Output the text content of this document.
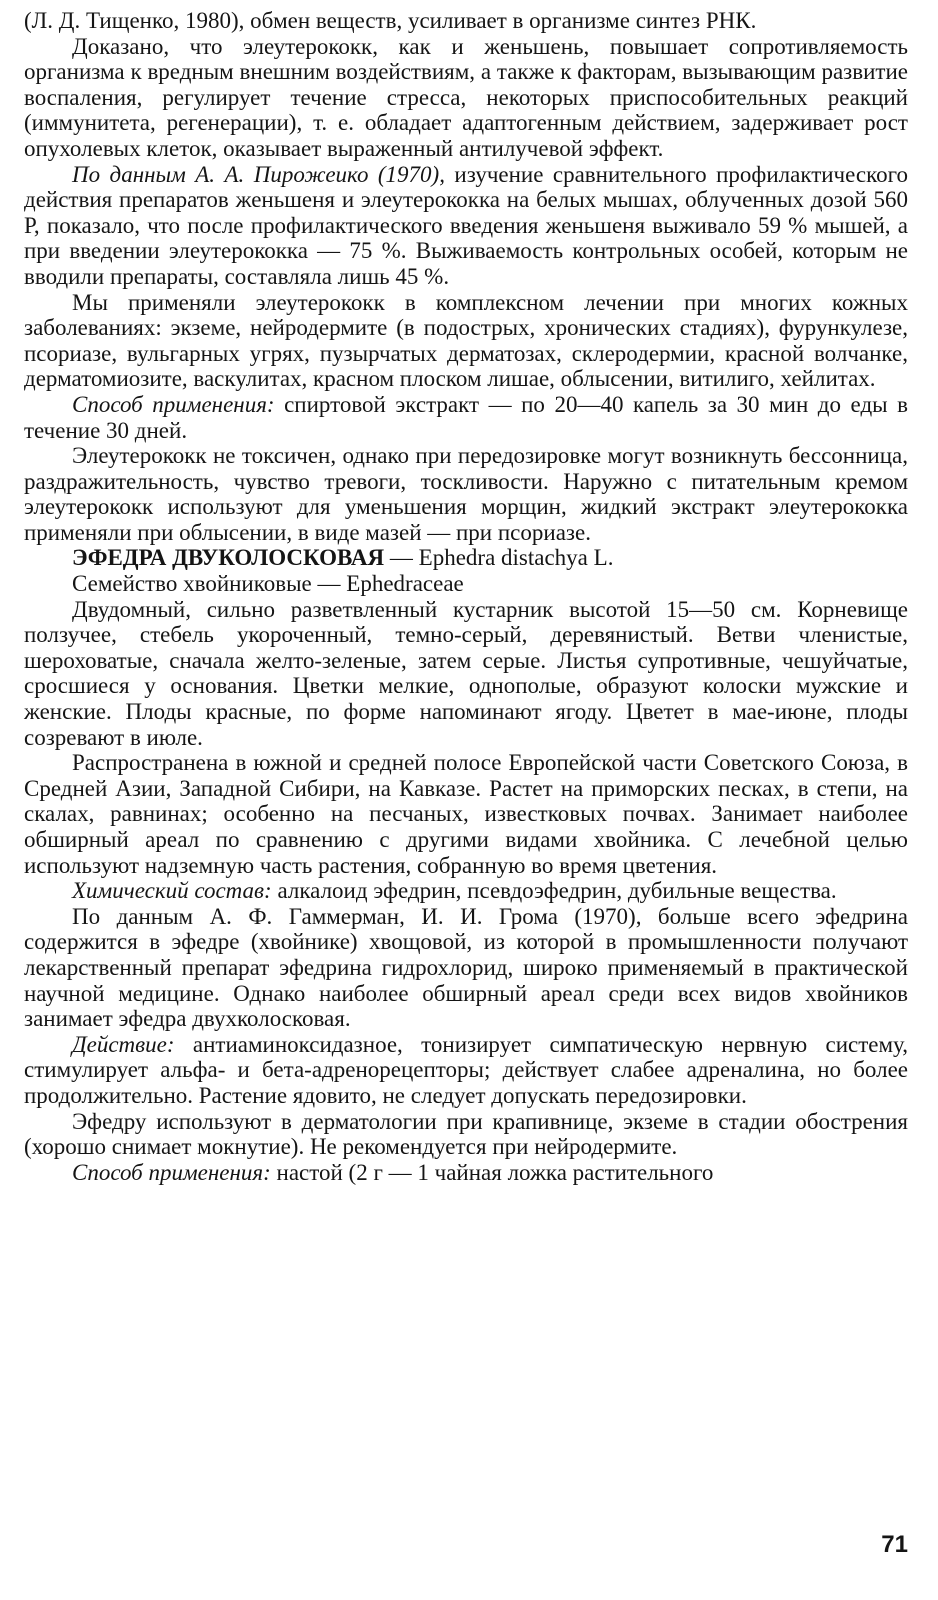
(Л. Д. Тищенко, 1980), обмен веществ, усиливает в организме синтез РНК.

Доказано, что элеутерококк, как и женьшень, повышает сопротивляемость организма к вредным внешним воздействиям, а также к факторам, вызывающим развитие воспаления, регулирует течение стресса, некоторых приспособительных реакций (иммунитета, регенерации), т. е. обладает адаптогенным действием, задерживает рост опухолевых клеток, оказывает выраженный антилучевой эффект.

По данным А. А. Пирожеико (1970), изучение сравнительного профилактического действия препаратов женьшеня и элеутерококка на белых мышах, облученных дозой 560 Р, показало, что после профилактического введения женьшеня выживало 59 % мышей, а при введении элеутерококка — 75 %. Выживаемость контрольных особей, которым не вводили препараты, составляла лишь 45 %.

Мы применяли элеутерококк в комплексном лечении при многих кожных заболеваниях: экземе, нейродермите (в подострых, хронических стадиях), фурункулезе, псориазе, вульгарных угрях, пузырчатых дерматозах, склеродермии, красной волчанке, дерматомиозите, васкулитах, красном плоском лишае, облысении, витилиго, хейлитах.

Способ применения: спиртовой экстракт — по 20—40 капель за 30 мин до еды в течение 30 дней.

Элеутерококк не токсичен, однако при передозировке могут возникнуть бессонница, раздражительность, чувство тревоги, тоскливости. Наружно с питательным кремом элеутерококк используют для уменьшения морщин, жидкий экстракт элеутерококка применяли при облысении, в виде мазей — при псориазе.

ЭФЕДРА ДВУКОЛОСКОВАЯ — Ephedra distachya L.

Семейство хвойниковые — Ephedraceae

Двудомный, сильно разветвленный кустарник высотой 15—50 см. Корневище ползучее, стебель укороченный, темно-серый, деревянистый. Ветви членистые, шероховатые, сначала желто-зеленые, затем серые. Листья супротивные, чешуйчатые, сросшиеся у основания. Цветки мелкие, однополые, образуют колоски мужские и женские. Плоды красные, по форме напоминают ягоду. Цветет в мае-июне, плоды созревают в июле.

Распространена в южной и средней полосе Европейской части Советского Союза, в Средней Азии, Западной Сибири, на Кавказе. Растет на приморских песках, в степи, на скалах, равнинах; особенно на песчаных, известковых почвах. Занимает наиболее обширный ареал по сравнению с другими видами хвойника. С лечебной целью используют надземную часть растения, собранную во время цветения.

Химический состав: алкалоид эфедрин, псевдоэфедрин, дубильные вещества.

По данным А. Ф. Гаммерман, И. И. Грома (1970), больше всего эфедрина содержится в эфедре (хвойнике) хвощовой, из которой в промышленности получают лекарственный препарат эфедрина гидрохлорид, широко применяемый в практической научной медицине. Однако наиболее обширный ареал среди всех видов хвойников занимает эфедра двухколосковая.

Действие: антиаминоксидазное, тонизирует симпатическую нервную систему, стимулирует альфа- и бета-адренорецепторы; действует слабее адреналина, но более продолжительно. Растение ядовито, не следует допускать передозировки.

Эфедру используют в дерматологии при крапивнице, экземе в стадии обострения (хорошо снимает мокнутие). Не рекомендуется при нейродермите.

Способ применения: настой (2 г — 1 чайная ложка растительного

71
